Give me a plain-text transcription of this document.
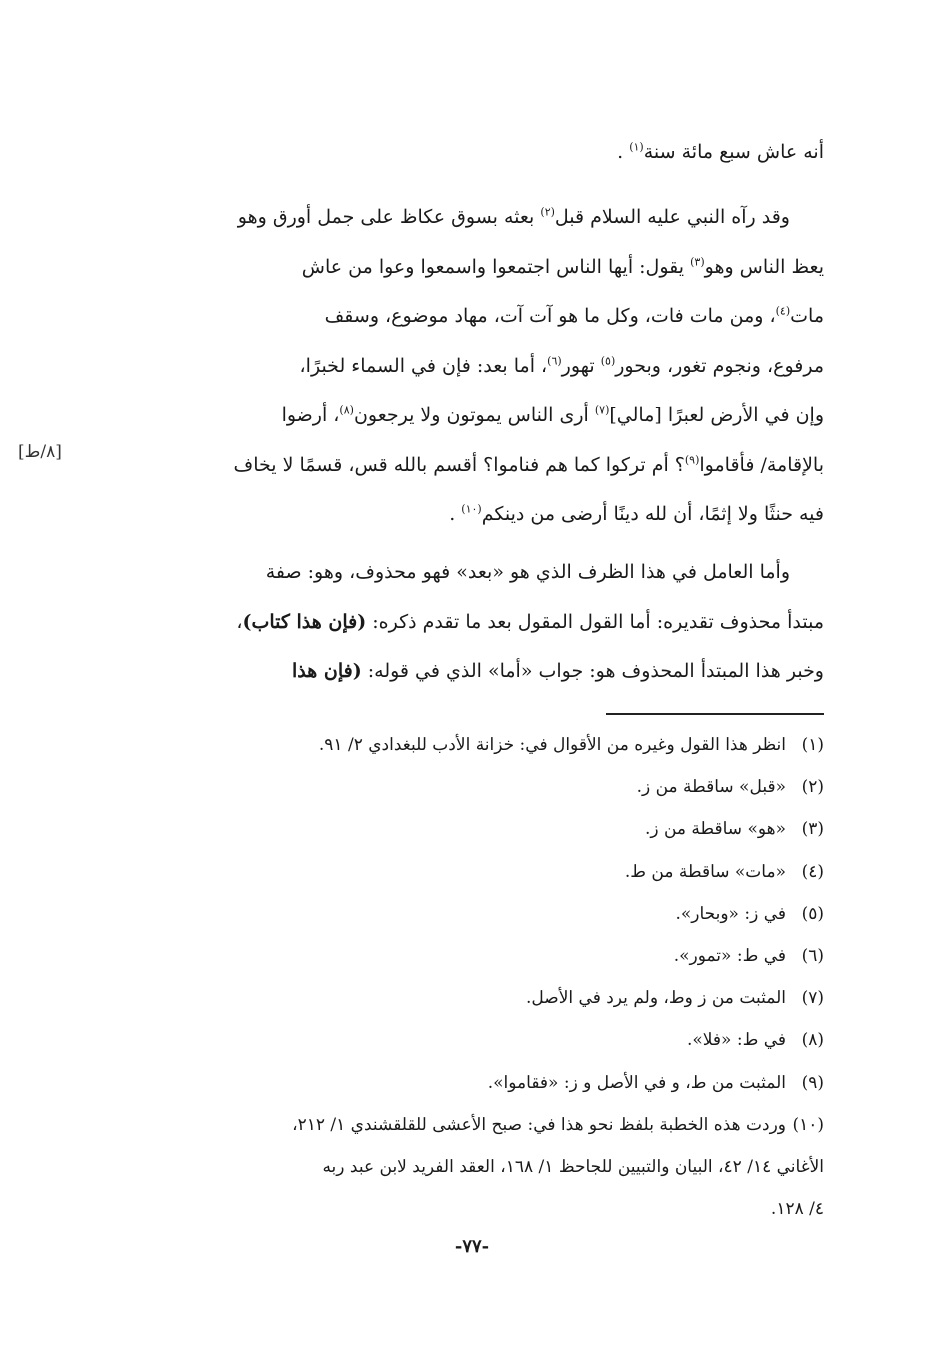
أنه عاش سبع مائة سنة$^{(١)}$ .

وقد رآه النبي عليه السلام قبل$^{(٢)}$ بعثه بسوق عكاظ على جمل أورق وهو
يعظ الناس وهو$^{(٣)}$ يقول: أيها الناس اجتمعوا واسمعوا وعوا من عاش
مات$^{(٤)}$، ومن مات فات، وكل ما هو آت آت، مهاد موضوع، وسقف
مرفوع، ونجوم تغور، وبحور$^{(٥)}$ تهور$^{(٦)}$، أما بعد: فإن في السماء لخبرًا،
وإن في الأرض لعبرًا [مالي]$^{(٧)}$ أرى الناس يموتون ولا يرجعون$^{(٨)}$، أرضوا
بالإقامة/ فأقاموا$^{(٩)}$؟ أم تركوا كما هم فناموا؟ أقسم بالله قس، قسمًا لا يخاف
فيه حنثًا ولا إثمًا، أن لله دينًا أرضى من دينكم$^{(١٠)}$ .

[٨/ط]

وأما العامل في هذا الظرف الذي هو «بعد» فهو محذوف، وهو: صفة
مبتدأ محذوف تقديره: أما القول المقول بعد ما تقدم ذكره: (فإن هذا كتاب)،
وخبر هذا المبتدأ المحذوف هو: جواب «أما» الذي في قوله: (فإن هذا

(١)انظر هذا القول وغيره من الأقوال في: خزانة الأدب للبغدادي ٢/ ٩١.
(٢)«قبل» ساقطة من ز.
(٣)«هو» ساقطة من ز.
(٤)«مات» ساقطة من ط.
(٥)في ز: «وبحار».
(٦)في ط: «تمور».
(٧)المثبت من ز وط، ولم يرد في الأصل.
(٨)في ط: «فلا».
(٩)المثبت من ط، و في الأصل و ز: «فقاموا».
(١٠)وردت هذه الخطبة بلفظ نحو هذا في: صبح الأعشى للقلقشندي ١/ ٢١٢،
الأغاني ١٤/ ٤٢، البيان والتبيين للجاحظ ١/ ١٦٨، العقد الفريد لابن عبد ربه
٤/ ١٢٨.
-٧٧-
